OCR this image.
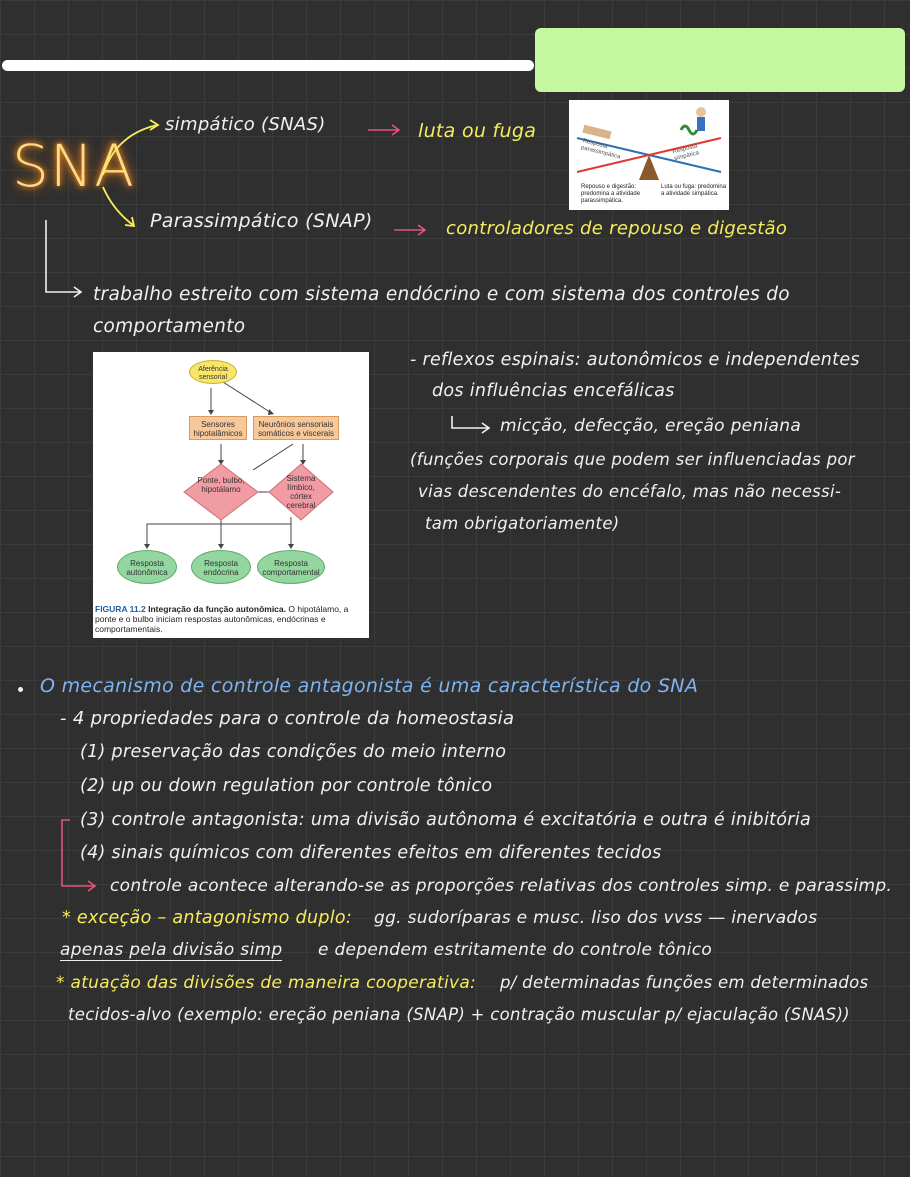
SNA
simpático (SNAS)	luta ou fuga
Parassimpático (SNAP)	controladores de repouso e digestão
Resposta parassimpática	Resposta simpática
Repouso e digestão: predomina a atividade parassimpática.
Luta ou fuga: predomina a atividade simpática.
trabalho estreito com sistema endócrino e com sistema dos controles do
comportamento
Aferência sensorial
Sensores hipotalâmicos
Neurônios sensoriais somáticos e viscerais
Ponte, bulbo, hipotálamo
Sistema límbico, córtex cerebral
Resposta autonômica
Resposta endócrina
Resposta comportamental
FIGURA 11.2 Integração da função autonômica. O hipotálamo, a ponte e o bulbo iniciam respostas autonômicas, endócrinas e comportamentais.
- reflexos espinais: autonômicos e independentes
dos influências encefálicas
micção, defecção, ereção peniana
(funções corporais que podem ser influenciadas por
vias descendentes do encéfalo, mas não necessi-
tam obrigatoriamente)
O mecanismo de controle antagonista é uma característica do SNA
- 4 propriedades para o controle da homeostasia
(1) preservação das condições do meio interno
(2) up ou down regulation por controle tônico
(3) controle antagonista: uma divisão autônoma é excitatória e outra é inibitória
(4) sinais químicos com diferentes efeitos em diferentes tecidos
controle acontece alterando-se as proporções relativas dos controles simp. e parassimp.
* exceção – antagonismo duplo: gg. sudoríparas e musc. liso dos vvss — inervados
apenas pela divisão simp e dependem estritamente do controle tônico
* atuação das divisões de maneira cooperativa: p/ determinadas funções em determinados
tecidos-alvo (exemplo: ereção peniana (SNAP) + contração muscular p/ ejaculação (SNAS))
